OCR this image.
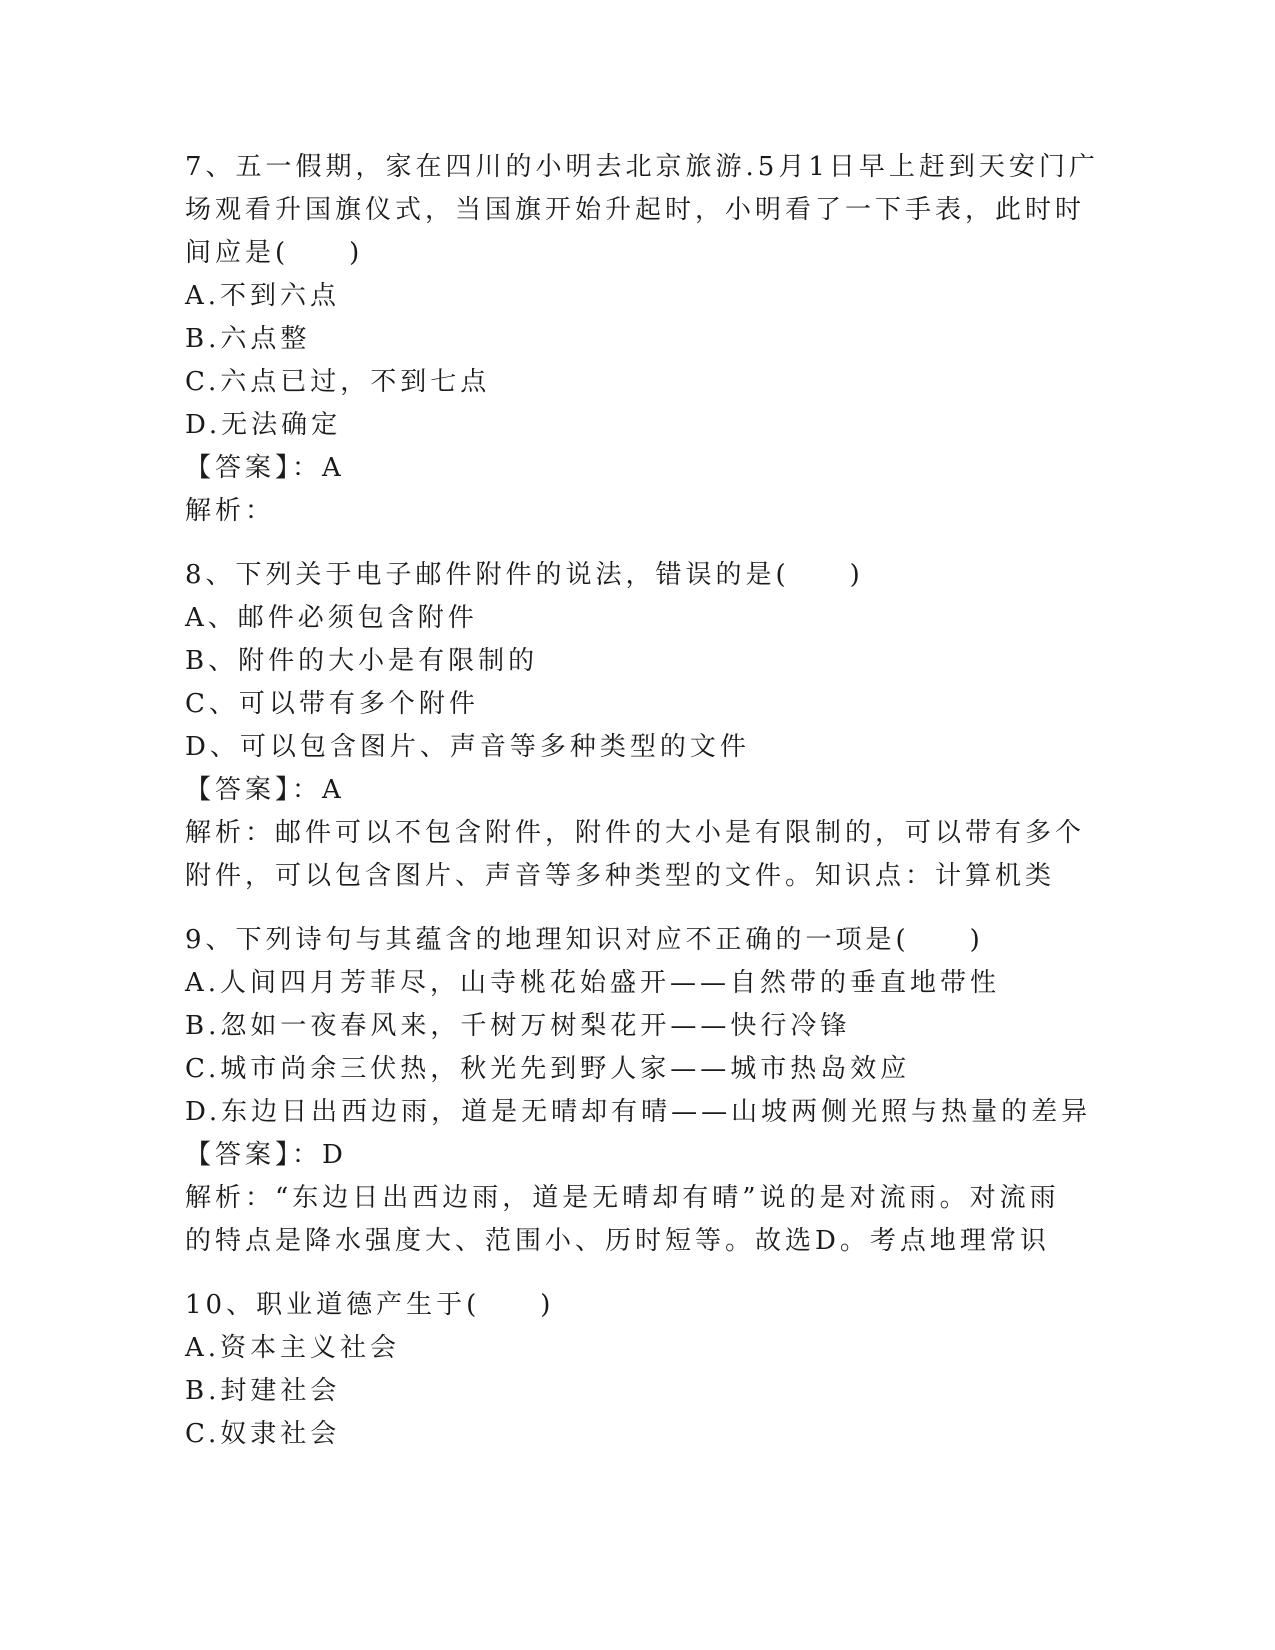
7、五一假期，家在四川的小明去北京旅游.5月1日早上赶到天安门广
场观看升国旗仪式，当国旗开始升起时，小明看了一下手表，此时时
间应是(　　)
A.不到六点
B.六点整
C.六点已过，不到七点
D.无法确定
【答案】：A
解析：
8、下列关于电子邮件附件的说法，错误的是(　　)
A、邮件必须包含附件
B、附件的大小是有限制的
C、可以带有多个附件
D、可以包含图片、声音等多种类型的文件
【答案】：A
解析：邮件可以不包含附件，附件的大小是有限制的，可以带有多个
附件，可以包含图片、声音等多种类型的文件。知识点：计算机类
9、下列诗句与其蕴含的地理知识对应不正确的一项是(　　)
A.人间四月芳菲尽，山寺桃花始盛开——自然带的垂直地带性
B.忽如一夜春风来，千树万树梨花开——快行冷锋
C.城市尚余三伏热，秋光先到野人家——城市热岛效应
D.东边日出西边雨，道是无晴却有晴——山坡两侧光照与热量的差异
【答案】：D
解析：“东边日出西边雨，道是无晴却有晴”说的是对流雨。对流雨
的特点是降水强度大、范围小、历时短等。故选D。考点地理常识
10、职业道德产生于(　　)
A.资本主义社会
B.封建社会
C.奴隶社会
